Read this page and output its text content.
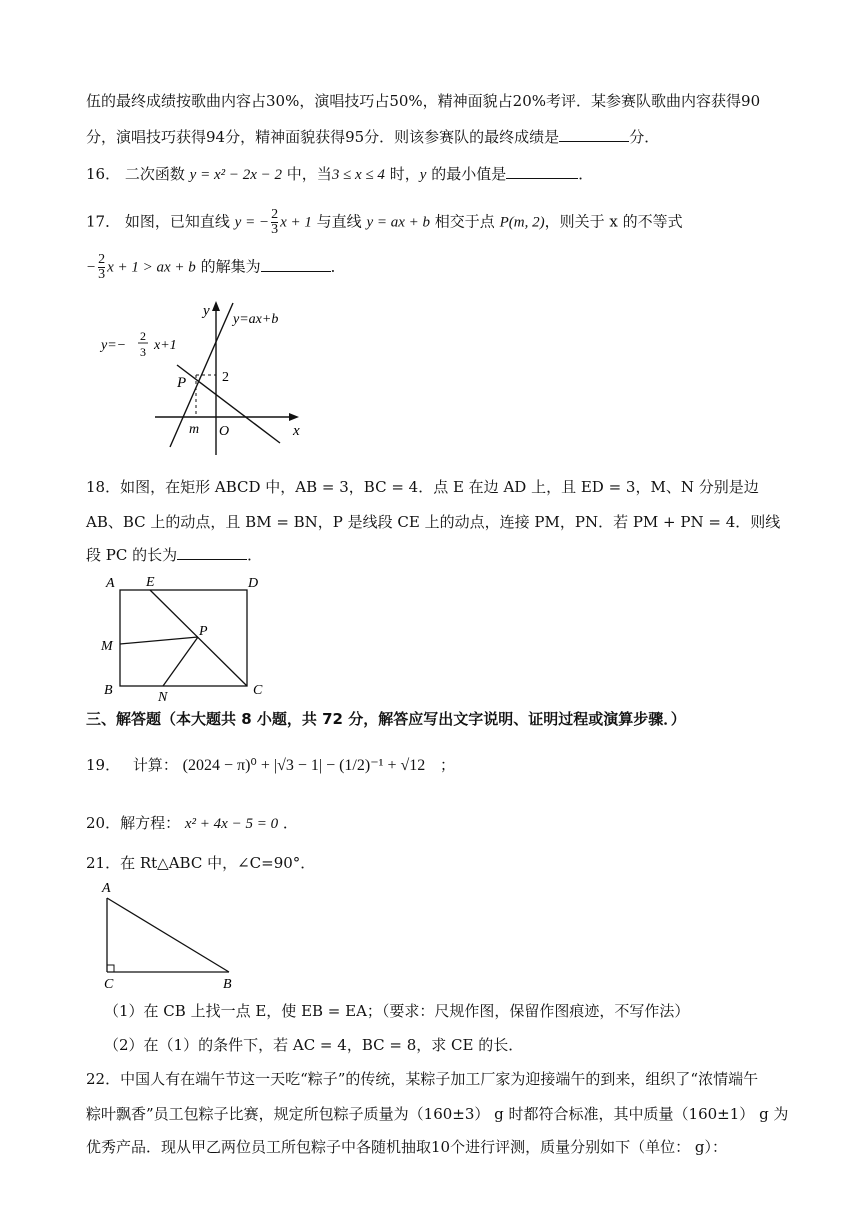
伍的最终成绩按歌曲内容占30%，演唱技巧占50%，精神面貌占20%考评．某参赛队歌曲内容获得90
分，演唱技巧获得94分，精神面貌获得95分．则该参赛队的最终成绩是	分．
16． 二次函数 y = x² − 2x − 2 中，当3 ≤ x ≤ 4 时，y 的最小值是	．
17． 如图，已知直线 y = − $\frac{2}{3}$ x + 1 与直线 y = ax + b 相交于点 P(m, 2)，则关于 x 的不等式
− $\frac{2}{3}$ x + 1 > ax + b 的解集为	．
y
x
O
m
P	2
y=ax+b
y=−
2
3 x+1
18．如图，在矩形 ABCD 中，AB = 3，BC = 4．点 E 在边 AD 上，且 ED = 3，M、N 分别是边
AB、BC 上的动点，且 BM = BN，P 是线段 CE 上的动点，连接 PM，PN．若 PM + PN = 4．则线
段 PC 的长为	．
A E	D
M
P
B	N	C
三、解答题（本大题共 8 小题，共 72 分，解答应写出文字说明、证明过程或演算步骤．）
19． 计算： (2024 − π)⁰ + |√3 − 1| − (1/2)⁻¹ + √12 ；
20．解方程： x² + 4x − 5 = 0 ．
21．在 Rt△ABC 中，∠C=90°．
A
C	B
（1）在 CB 上找一点 E，使 EB = EA；（要求：尺规作图，保留作图痕迹，不写作法）
（2）在（1）的条件下，若 AC = 4，BC = 8，求 CE 的长．
22．中国人有在端午节这一天吃“粽子”的传统，某粽子加工厂家为迎接端午的到来，组织了“浓情端午
粽叶飘香”员工包粽子比赛，规定所包粽子质量为（160±3） g 时都符合标准，其中质量（160±1） g 为
优秀产品．现从甲乙两位员工所包粽子中各随机抽取10个进行评测，质量分别如下（单位： g）：
